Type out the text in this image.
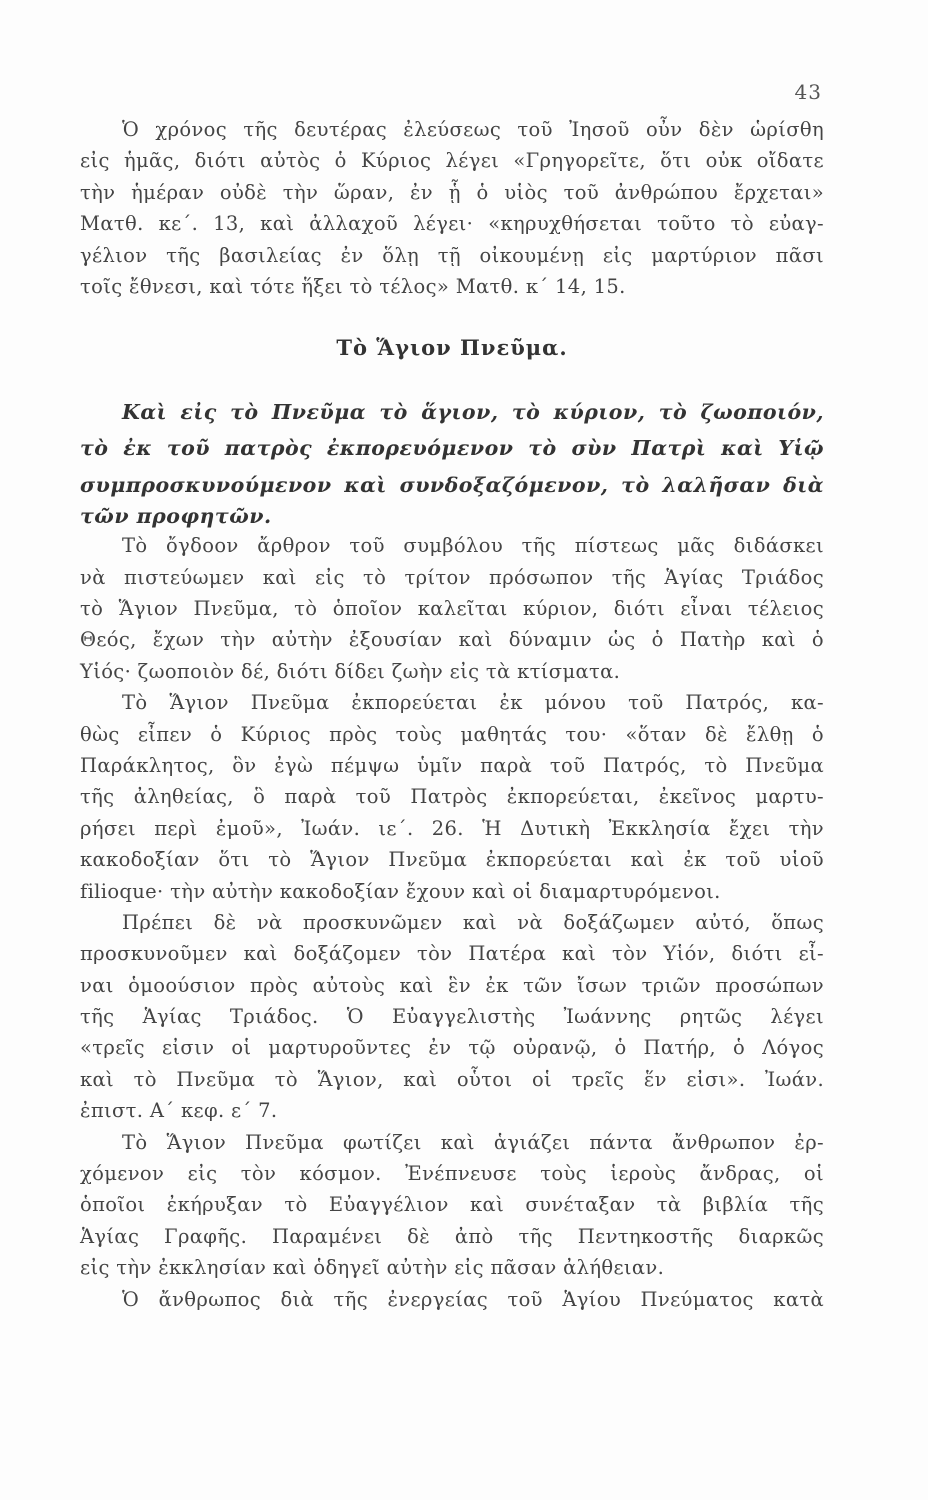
43
Ὁ χρόνος τῆς δευτέρας ἐλεύσεως τοῦ Ἰησοῦ οὖν δὲν ὡρίσθη
εἰς ἡμᾶς, διότι αὐτὸς ὁ Κύριος λέγει «Γρηγορεῖτε, ὅτι οὐκ οἴδατε
τὴν ἡμέραν οὐδὲ τὴν ὥραν, ἐν ᾗ ὁ υἱὸς τοῦ ἀνθρώπου ἔρχεται»
Ματθ. κε΄. 13, καὶ ἀλλαχοῦ λέγει· «κηρυχθήσεται τοῦτο τὸ εὐαγ-
γέλιον τῆς βασιλείας ἐν ὅλῃ τῇ οἰκουμένῃ εἰς μαρτύριον πᾶσι
τοῖς ἔθνεσι, καὶ τότε ἥξει τὸ τέλος» Ματθ. κ΄ 14, 15.
Τὸ Ἅγιον Πνεῦμα.
Καὶ εἰς τὸ Πνεῦμα τὸ ἅγιον, τὸ κύριον, τὸ ζωοποιόν,
τὸ ἐκ τοῦ πατρὸς ἐκπορευόμενον τὸ σὺν Πατρὶ καὶ Υἱῷ
συμπροσκυνούμενον καὶ συνδοξαζόμενον, τὸ λαλῆσαν διὰ
τῶν προφητῶν.
Τὸ ὄγδοον ἄρθρον τοῦ συμβόλου τῆς πίστεως μᾶς διδάσκει
νὰ πιστεύωμεν καὶ εἰς τὸ τρίτον πρόσωπον τῆς Ἁγίας Τριάδος
τὸ Ἅγιον Πνεῦμα, τὸ ὁποῖον καλεῖται κύριον, διότι εἶναι τέλειος
Θεός, ἔχων τὴν αὐτὴν ἐξουσίαν καὶ δύναμιν ὡς ὁ Πατὴρ καὶ ὁ
Υἱός· ζωοποιὸν δέ, διότι δίδει ζωὴν εἰς τὰ κτίσματα.
Τὸ Ἅγιον Πνεῦμα ἐκπορεύεται ἐκ μόνου τοῦ Πατρός, κα-
θὼς εἶπεν ὁ Κύριος πρὸς τοὺς μαθητάς του· «ὅταν δὲ ἔλθῃ ὁ
Παράκλητος, ὃν ἐγὼ πέμψω ὑμῖν παρὰ τοῦ Πατρός, τὸ Πνεῦμα
τῆς ἀληθείας, ὃ παρὰ τοῦ Πατρὸς ἐκπορεύεται, ἐκεῖνος μαρτυ-
ρήσει περὶ ἐμοῦ», Ἰωάν. ιε΄. 26. Ἡ Δυτικὴ Ἐκκλησία ἔχει τὴν
κακοδοξίαν ὅτι τὸ Ἅγιον Πνεῦμα ἐκπορεύεται καὶ ἐκ τοῦ υἱοῦ
filioque· τὴν αὐτὴν κακοδοξίαν ἔχουν καὶ οἱ διαμαρτυρόμενοι.
Πρέπει δὲ νὰ προσκυνῶμεν καὶ νὰ δοξάζωμεν αὐτό, ὅπως
προσκυνοῦμεν καὶ δοξάζομεν τὸν Πατέρα καὶ τὸν Υἱόν, διότι εἶ-
ναι ὁμοούσιον πρὸς αὐτοὺς καὶ ἓν ἐκ τῶν ἴσων τριῶν προσώπων
τῆς Ἁγίας Τριάδος. Ὁ Εὐαγγελιστὴς Ἰωάννης ρητῶς λέγει
«τρεῖς εἰσιν οἱ μαρτυροῦντες ἐν τῷ οὐρανῷ, ὁ Πατήρ, ὁ Λόγος
καὶ τὸ Πνεῦμα τὸ Ἅγιον, καὶ οὗτοι οἱ τρεῖς ἕν εἰσι». Ἰωάν.
ἐπιστ. Α΄ κεφ. ε΄ 7.
Τὸ Ἅγιον Πνεῦμα φωτίζει καὶ ἁγιάζει πάντα ἄνθρωπον ἐρ-
χόμενον εἰς τὸν κόσμον. Ἐνέπνευσε τοὺς ἱεροὺς ἄνδρας, οἱ
ὁποῖοι ἐκήρυξαν τὸ Εὐαγγέλιον καὶ συνέταξαν τὰ βιβλία τῆς
Ἁγίας Γραφῆς. Παραμένει δὲ ἀπὸ τῆς Πεντηκοστῆς διαρκῶς
εἰς τὴν ἐκκλησίαν καὶ ὁδηγεῖ αὐτὴν εἰς πᾶσαν ἀλήθειαν.
Ὁ ἄνθρωπος διὰ τῆς ἐνεργείας τοῦ Ἁγίου Πνεύματος κατὰ
